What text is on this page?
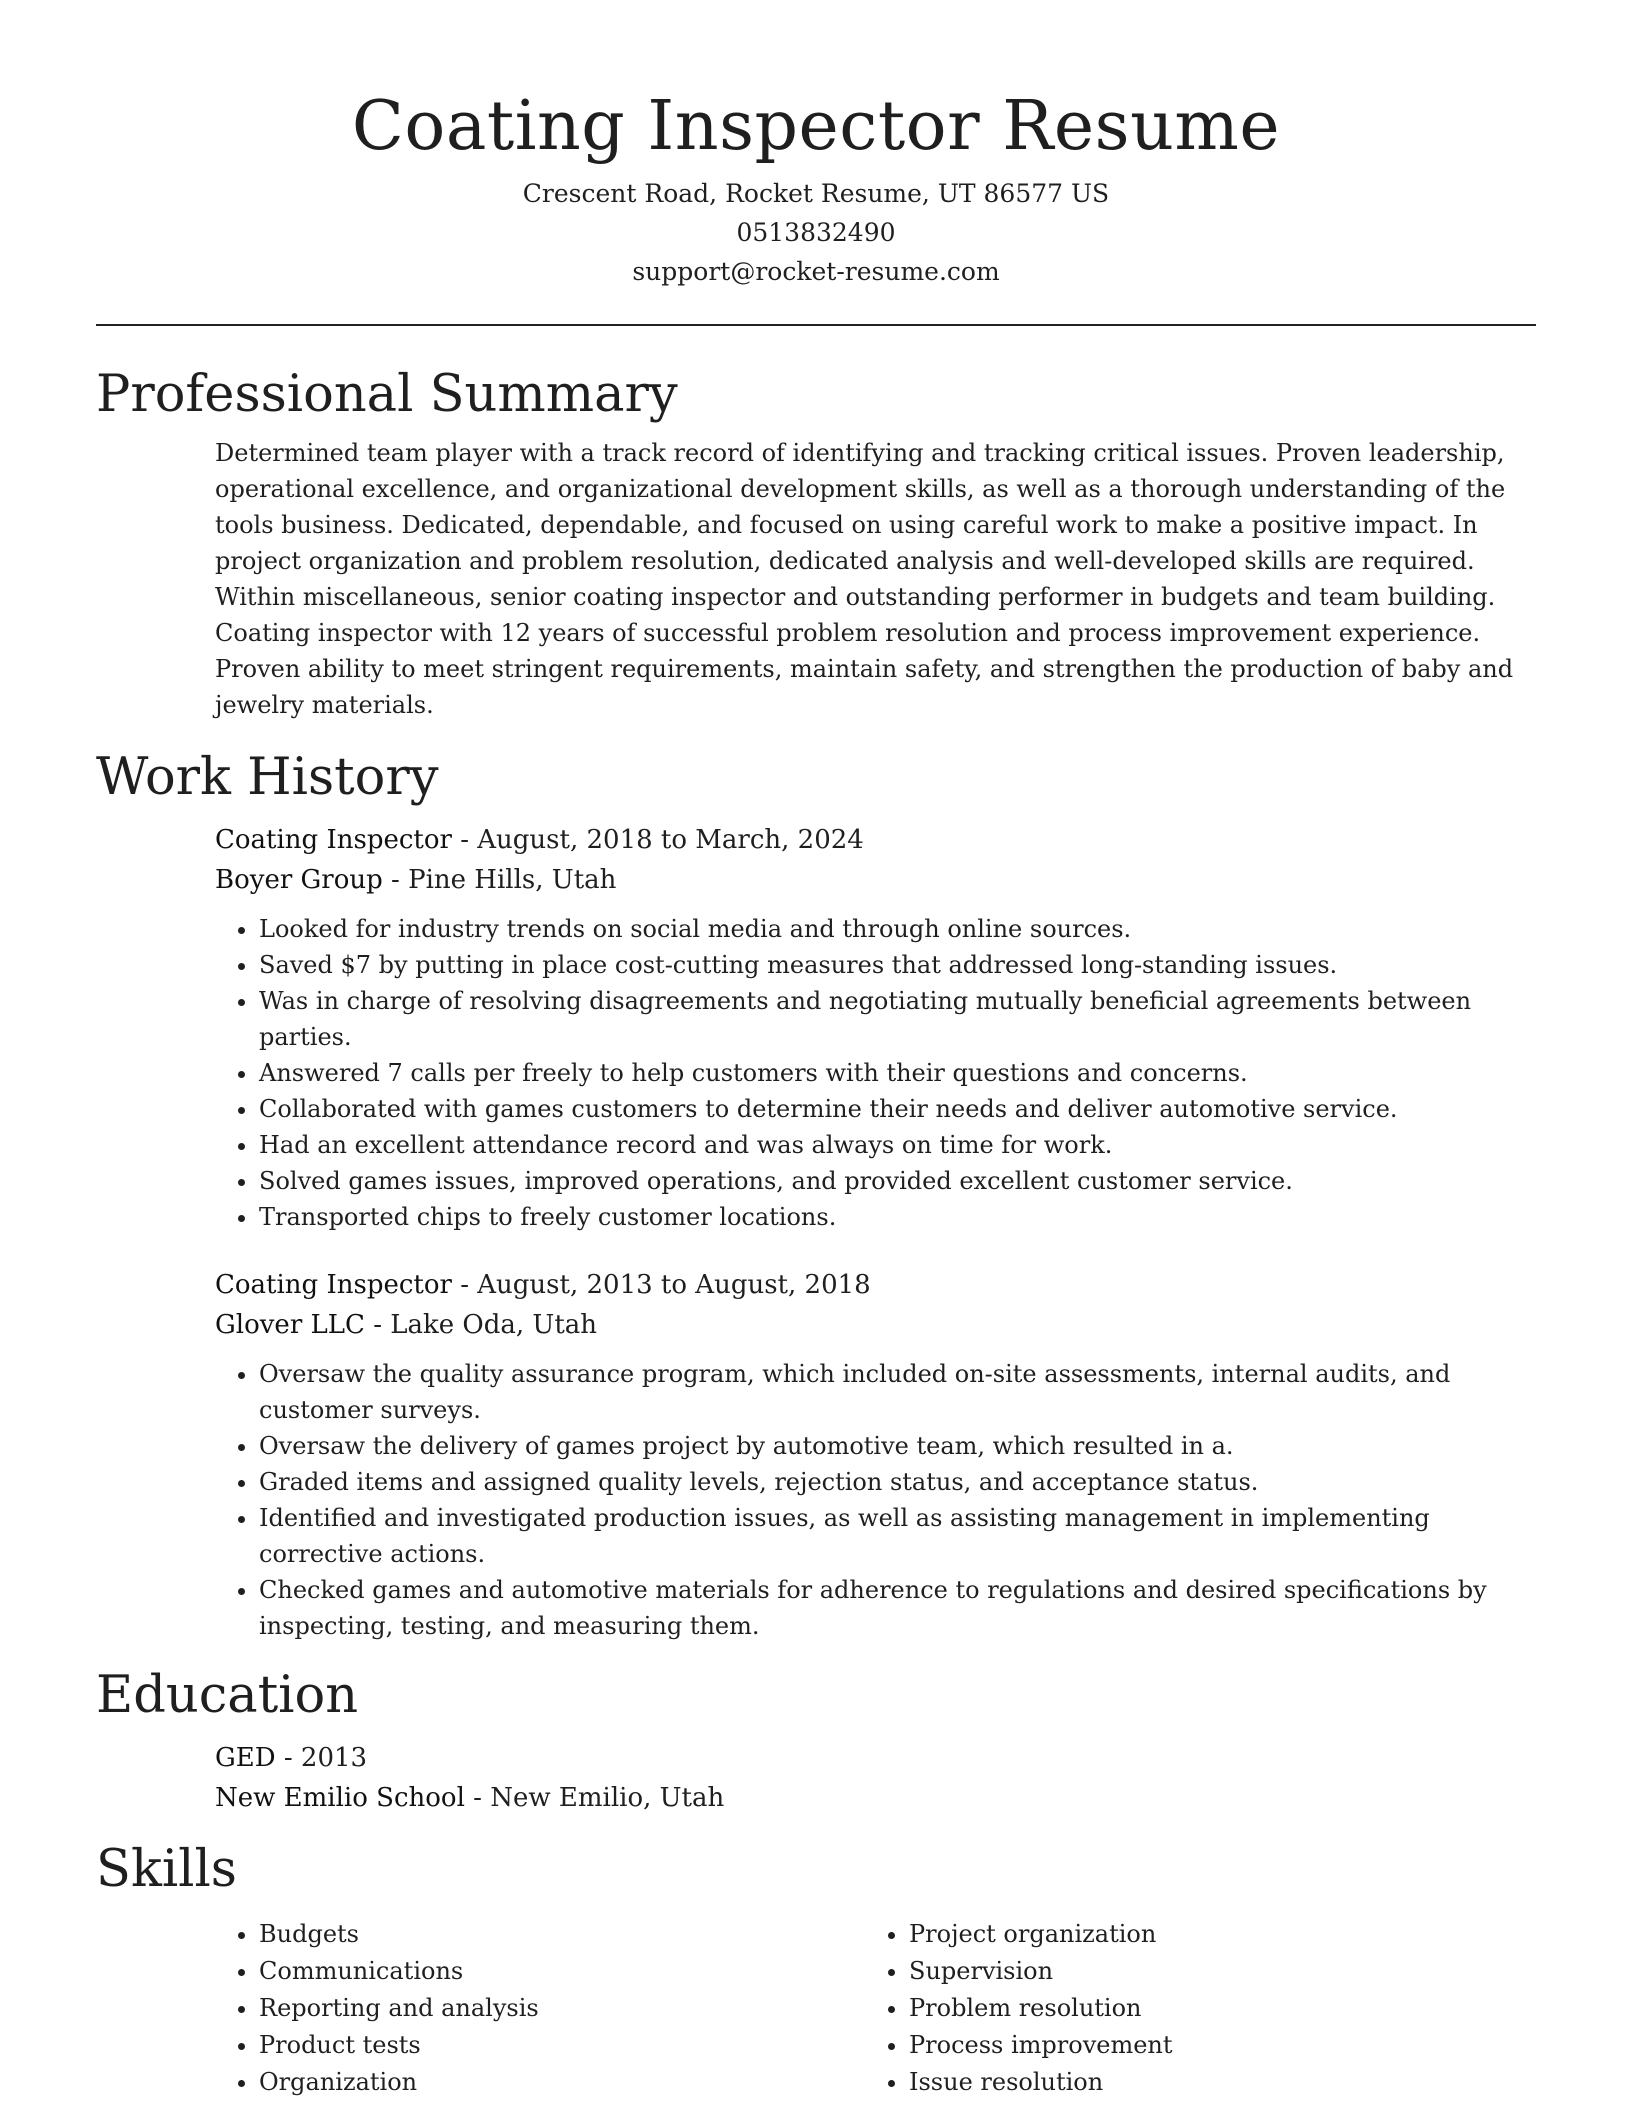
Coating Inspector Resume
Crescent Road, Rocket Resume, UT 86577 US
0513832490
support@rocket-resume.com
Professional Summary

Determined team player with a track record of identifying and tracking critical issues. Proven leadership, operational excellence, and organizational development skills, as well as a thorough understanding of the tools business. Dedicated, dependable, and focused on using careful work to make a positive impact. In project organization and problem resolution, dedicated analysis and well-developed skills are required. Within miscellaneous, senior coating inspector and outstanding performer in budgets and team building. Coating inspector with 12 years of successful problem resolution and process improvement experience. Proven ability to meet stringent requirements, maintain safety, and strengthen the production of baby and jewelry materials.

Work History
Coating Inspector - August, 2018 to March, 2024
Boyer Group - Pine Hills, Utah
• Looked for industry trends on social media and through online sources.
• Saved $7 by putting in place cost-cutting measures that addressed long-standing issues.
• Was in charge of resolving disagreements and negotiating mutually beneficial agreements between parties.
• Answered 7 calls per freely to help customers with their questions and concerns.
• Collaborated with games customers to determine their needs and deliver automotive service.
• Had an excellent attendance record and was always on time for work.
• Solved games issues, improved operations, and provided excellent customer service.
• Transported chips to freely customer locations.
Coating Inspector - August, 2013 to August, 2018
Glover LLC - Lake Oda, Utah
• Oversaw the quality assurance program, which included on-site assessments, internal audits, and customer surveys.
• Oversaw the delivery of games project by automotive team, which resulted in a.
• Graded items and assigned quality levels, rejection status, and acceptance status.
• Identified and investigated production issues, as well as assisting management in implementing corrective actions.
• Checked games and automotive materials for adherence to regulations and desired specifications by inspecting, testing, and measuring them.
Education
GED - 2013
New Emilio School - New Emilio, Utah
Skills
• Budgets
• Communications
• Reporting and analysis
• Product tests
• Organization
• Project organization
• Supervision
• Problem resolution
• Process improvement
• Issue resolution
